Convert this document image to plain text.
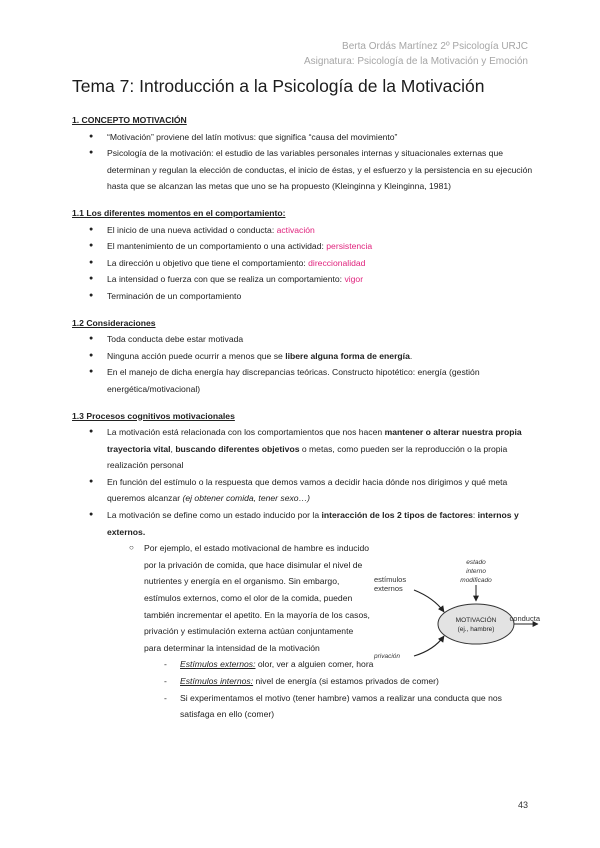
Berta Ordás Martínez 2º Psicología URJC
Asignatura: Psicología de la Motivación y Emoción
Tema 7: Introducción a la Psicología de la Motivación
1. CONCEPTO MOTIVACIÓN
● “Motivación” proviene del latín motivus: que significa “causa del movimiento”
● Psicología de la motivación: el estudio de las variables personales internas y situacionales externas que determinan y regulan la elección de conductas, el inicio de éstas, y el esfuerzo y la persistencia en su ejecución hasta que se alcanzan las metas que uno se ha propuesto (Kleinginna y Kleinginna, 1981)
1.1 Los diferentes momentos en el comportamiento:
● El inicio de una nueva actividad o conducta: activación
● El mantenimiento de un comportamiento o una actividad: persistencia
● La dirección u objetivo que tiene el comportamiento: direccionalidad
● La intensidad o fuerza con que se realiza un comportamiento: vigor
● Terminación de un comportamiento
1.2 Consideraciones
● Toda conducta debe estar motivada
● Ninguna acción puede ocurrir a menos que se libere alguna forma de energía.
● En el manejo de dicha energía hay discrepancias teóricas. Constructo hipotético: energía (gestión energética/motivacional)
1.3 Procesos cognitivos motivacionales
● La motivación está relacionada con los comportamientos que nos hacen mantener o alterar nuestra propia trayectoria vital, buscando diferentes objetivos o metas, como pueden ser la reproducción o la propia realización personal
● En función del estímulo o la respuesta que demos vamos a decidir hacia dónde nos dirigimos y qué meta queremos alcanzar (ej obtener comida, tener sexo…)
● La motivación se define como un estado inducido por la interacción de los 2 tipos de factores: internos y externos.
○ Por ejemplo, el estado motivacional de hambre es inducido por la privación de comida, que hace disimular el nivel de nutrientes y energía en el organismo. Sin embargo, estímulos externos, como el olor de la comida, pueden también incrementar el apetito. En la mayoría de los casos, privación y estimulación externa actúan conjuntamente para determinar la intensidad de la motivación
- Estímulos externos: olor, ver a alguien comer, hora
- Estímulos internos: nivel de energía (si estamos privados de comer)
- Si experimentamos el motivo (tener hambre) vamos a realizar una conducta que nos satisfaga en ello (comer)
estímulos
externos
estado
interno
modificado
MOTIVACIÓN
(ej., hambre)
conducta
privación
43
